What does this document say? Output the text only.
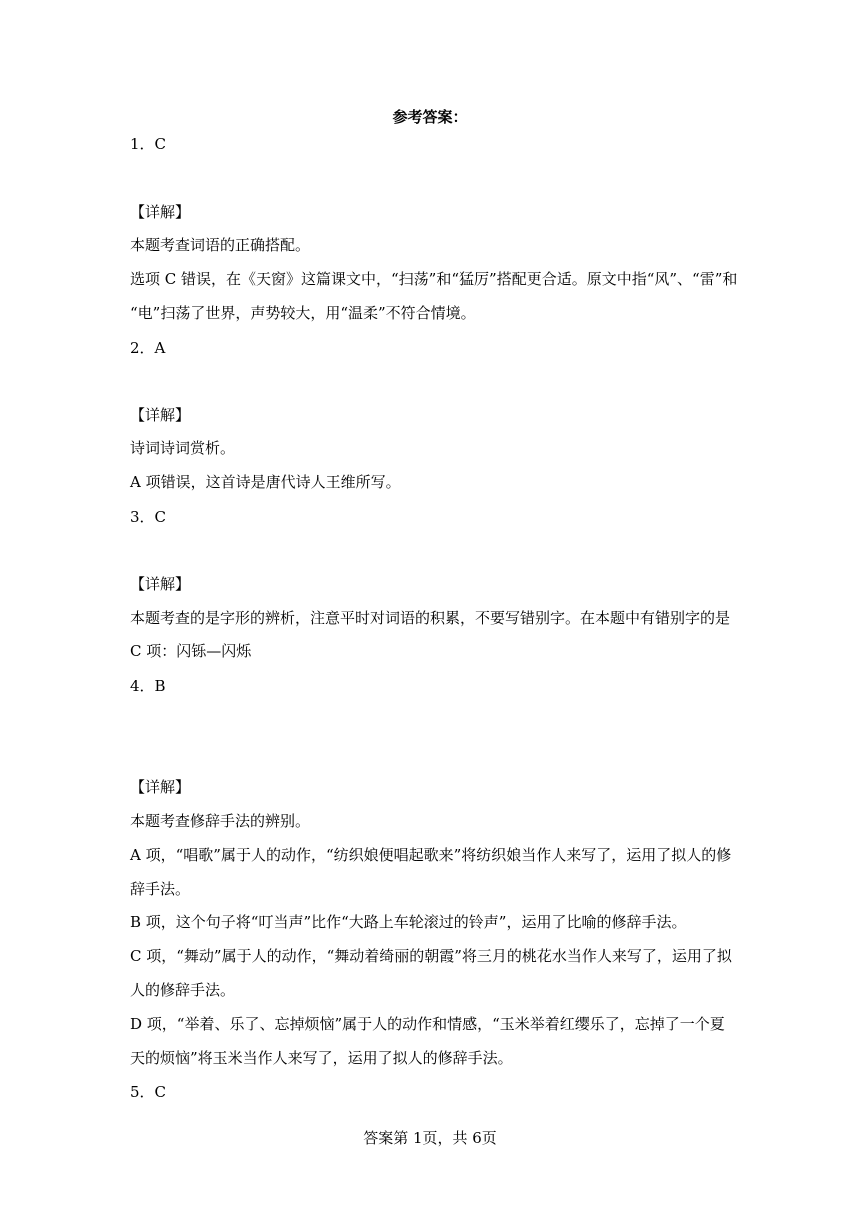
参考答案：
1．C
【详解】
本题考查词语的正确搭配。
选项 C 错误，在《天窗》这篇课文中，“扫荡”和“猛厉”搭配更合适。原文中指“风”、“雷”和
“电”扫荡了世界，声势较大，用“温柔”不符合情境。
2．A
【详解】
诗词诗词赏析。
A 项错误，这首诗是唐代诗人王维所写。
3．C
【详解】
本题考查的是字形的辨析，注意平时对词语的积累，不要写错别字。在本题中有错别字的是
C 项：闪铄—闪烁
4．B
【详解】
本题考查修辞手法的辨别。
A 项，“唱歌”属于人的动作，“纺织娘便唱起歌来”将纺织娘当作人来写了，运用了拟人的修
辞手法。
B 项，这个句子将“叮当声”比作“大路上车轮滚过的铃声”，运用了比喻的修辞手法。
C 项，“舞动”属于人的动作，“舞动着绮丽的朝霞”将三月的桃花水当作人来写了，运用了拟
人的修辞手法。
D 项，“举着、乐了、忘掉烦恼”属于人的动作和情感，“玉米举着红缨乐了，忘掉了一个夏
天的烦恼”将玉米当作人来写了，运用了拟人的修辞手法。
5．C
答案第 1页，共 6页
